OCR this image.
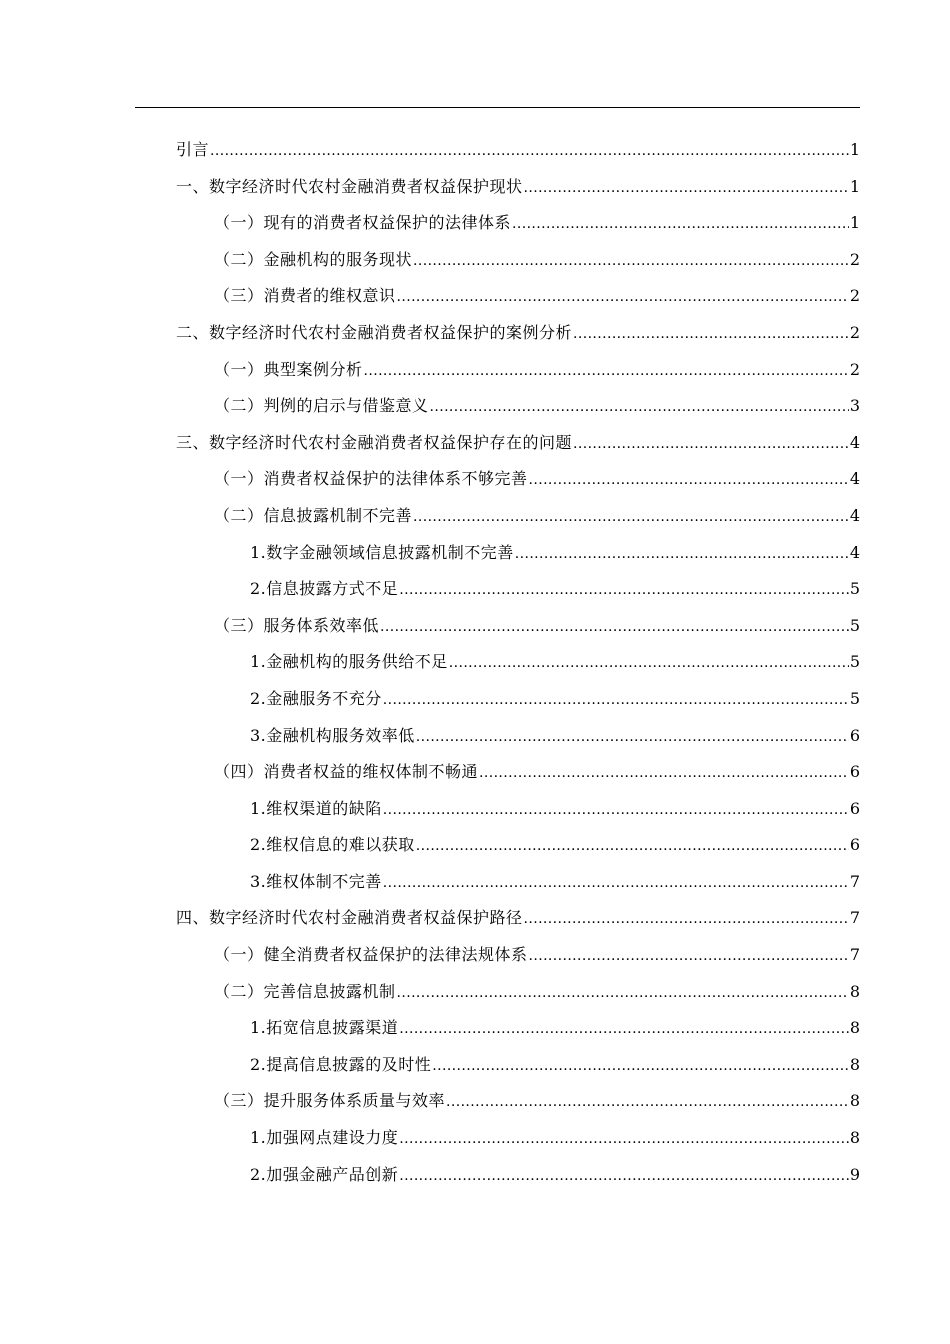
引言 .....	1
一、数字经济时代农村金融消费者权益保护现状 .....	1
（一）现有的消费者权益保护的法律体系 .....	1
（二）金融机构的服务现状 .....	2
（三）消费者的维权意识 .....	2
二、数字经济时代农村金融消费者权益保护的案例分析 .....	2
（一）典型案例分析 .....	2
（二）判例的启示与借鉴意义 .....	3
三、数字经济时代农村金融消费者权益保护存在的问题 .....	4
（一）消费者权益保护的法律体系不够完善 .....	4
（二）信息披露机制不完善 .....	4
1.数字金融领域信息披露机制不完善 .....	4
2.信息披露方式不足 .....	5
（三）服务体系效率低 .....	5
1.金融机构的服务供给不足 .....	5
2.金融服务不充分 .....	5
3.金融机构服务效率低 .....	6
（四）消费者权益的维权体制不畅通 .....	6
1.维权渠道的缺陷 .....	6
2.维权信息的难以获取 .....	6
3.维权体制不完善 .....	7
四、数字经济时代农村金融消费者权益保护路径 .....	7
（一）健全消费者权益保护的法律法规体系 .....	7
（二）完善信息披露机制 .....	8
1.拓宽信息披露渠道 .....	8
2.提高信息披露的及时性 .....	8
（三）提升服务体系质量与效率 .....	8
1.加强网点建设力度 .....	8
2.加强金融产品创新 .....	9
